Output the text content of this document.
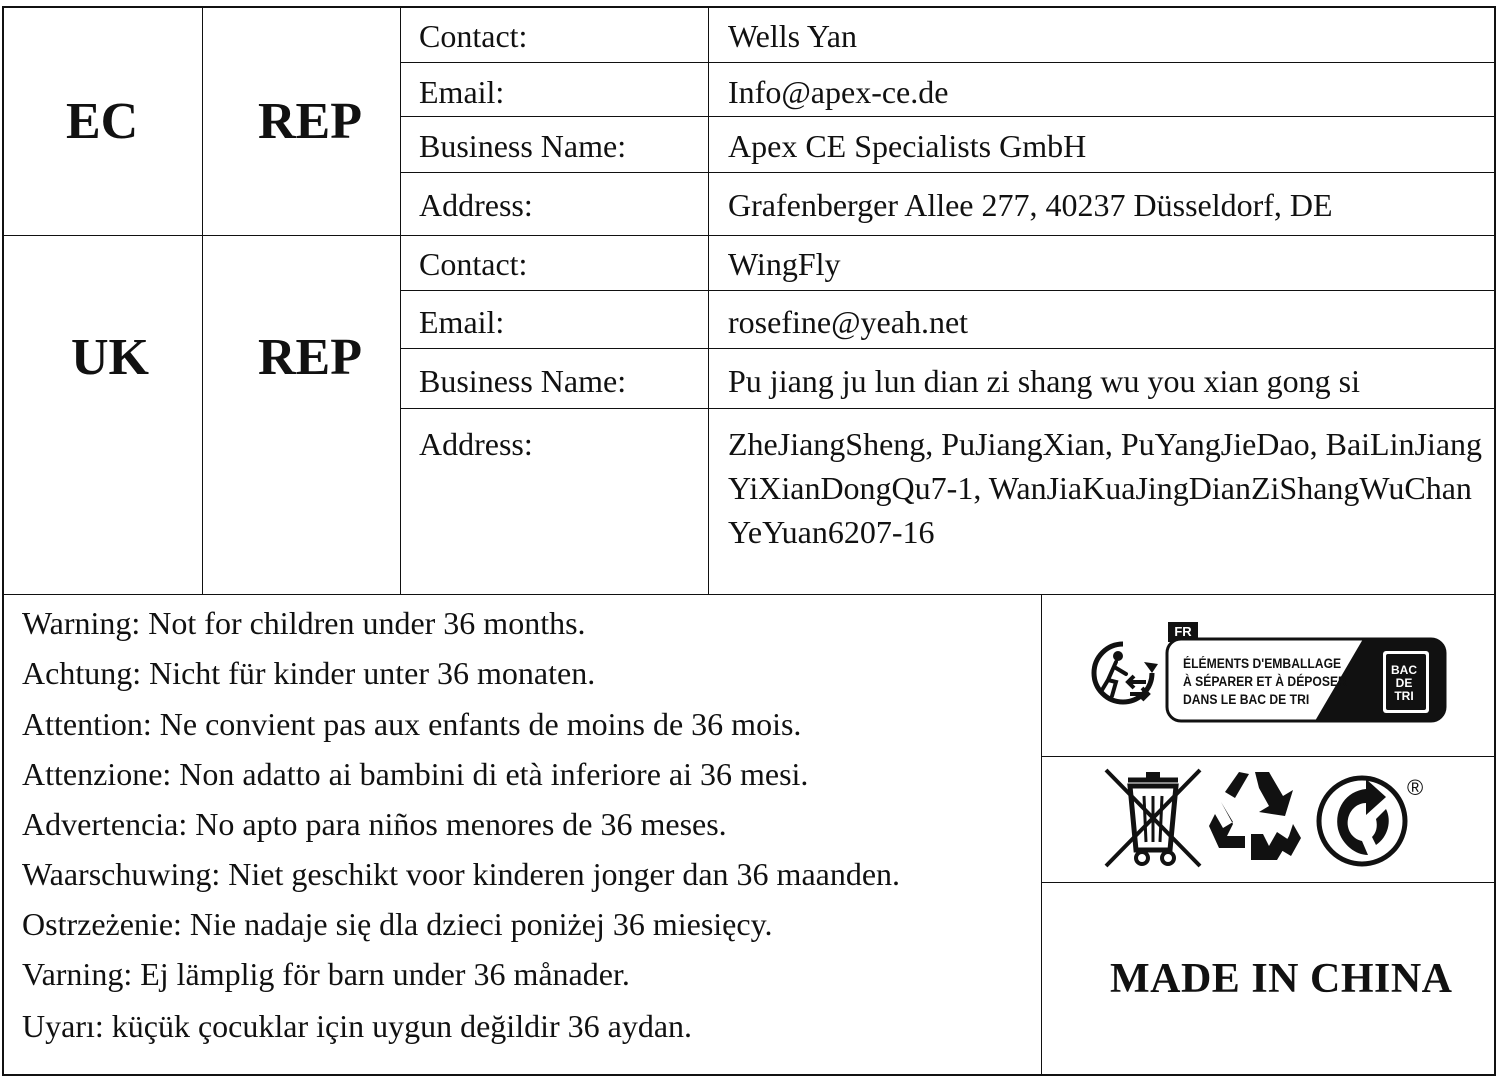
EC REP
Contact:	Wells Yan
Email:	Info@apex-ce.de
Business Name:	Apex CE Specialists GmbH
Address:	Grafenberger Allee 277, 40237 Düsseldorf, DE
UK REP
Contact:	WingFly
Email:	rosefine@yeah.net
Business Name:	Pu jiang ju lun dian zi shang wu you xian gong si
Address:	ZheJiangSheng, PuJiangXian, PuYangJieDao, BaiLinJiangYiXianDongQu7-1, WanJiaKuaJingDianZiShangWuChanYeYuan6207-16
Warning: Not for children under 36 months.
Achtung: Nicht für kinder unter 36 monaten.
Attention: Ne convient pas aux enfants de moins de 36 mois.
Attenzione: Non adatto ai bambini di età inferiore ai 36 mesi.
Advertencia: No apto para niños menores de 36 meses.
Waarschuwing: Niet geschikt voor kinderen jonger dan 36 maanden.
Ostrzeżenie: Nie nadaje się dla dzieci poniżej 36 miesięcy.
Varning: Ej lämplig för barn under 36 månader.
Uyarı: küçük çocuklar için uygun değildir 36 aydan.
FR
ÉLÉMENTS D'EMBALLAGE
À SÉPARER ET À DÉPOSER
DANS LE BAC DE TRI
BAC
DE
TRI
®
MADE IN CHINA
